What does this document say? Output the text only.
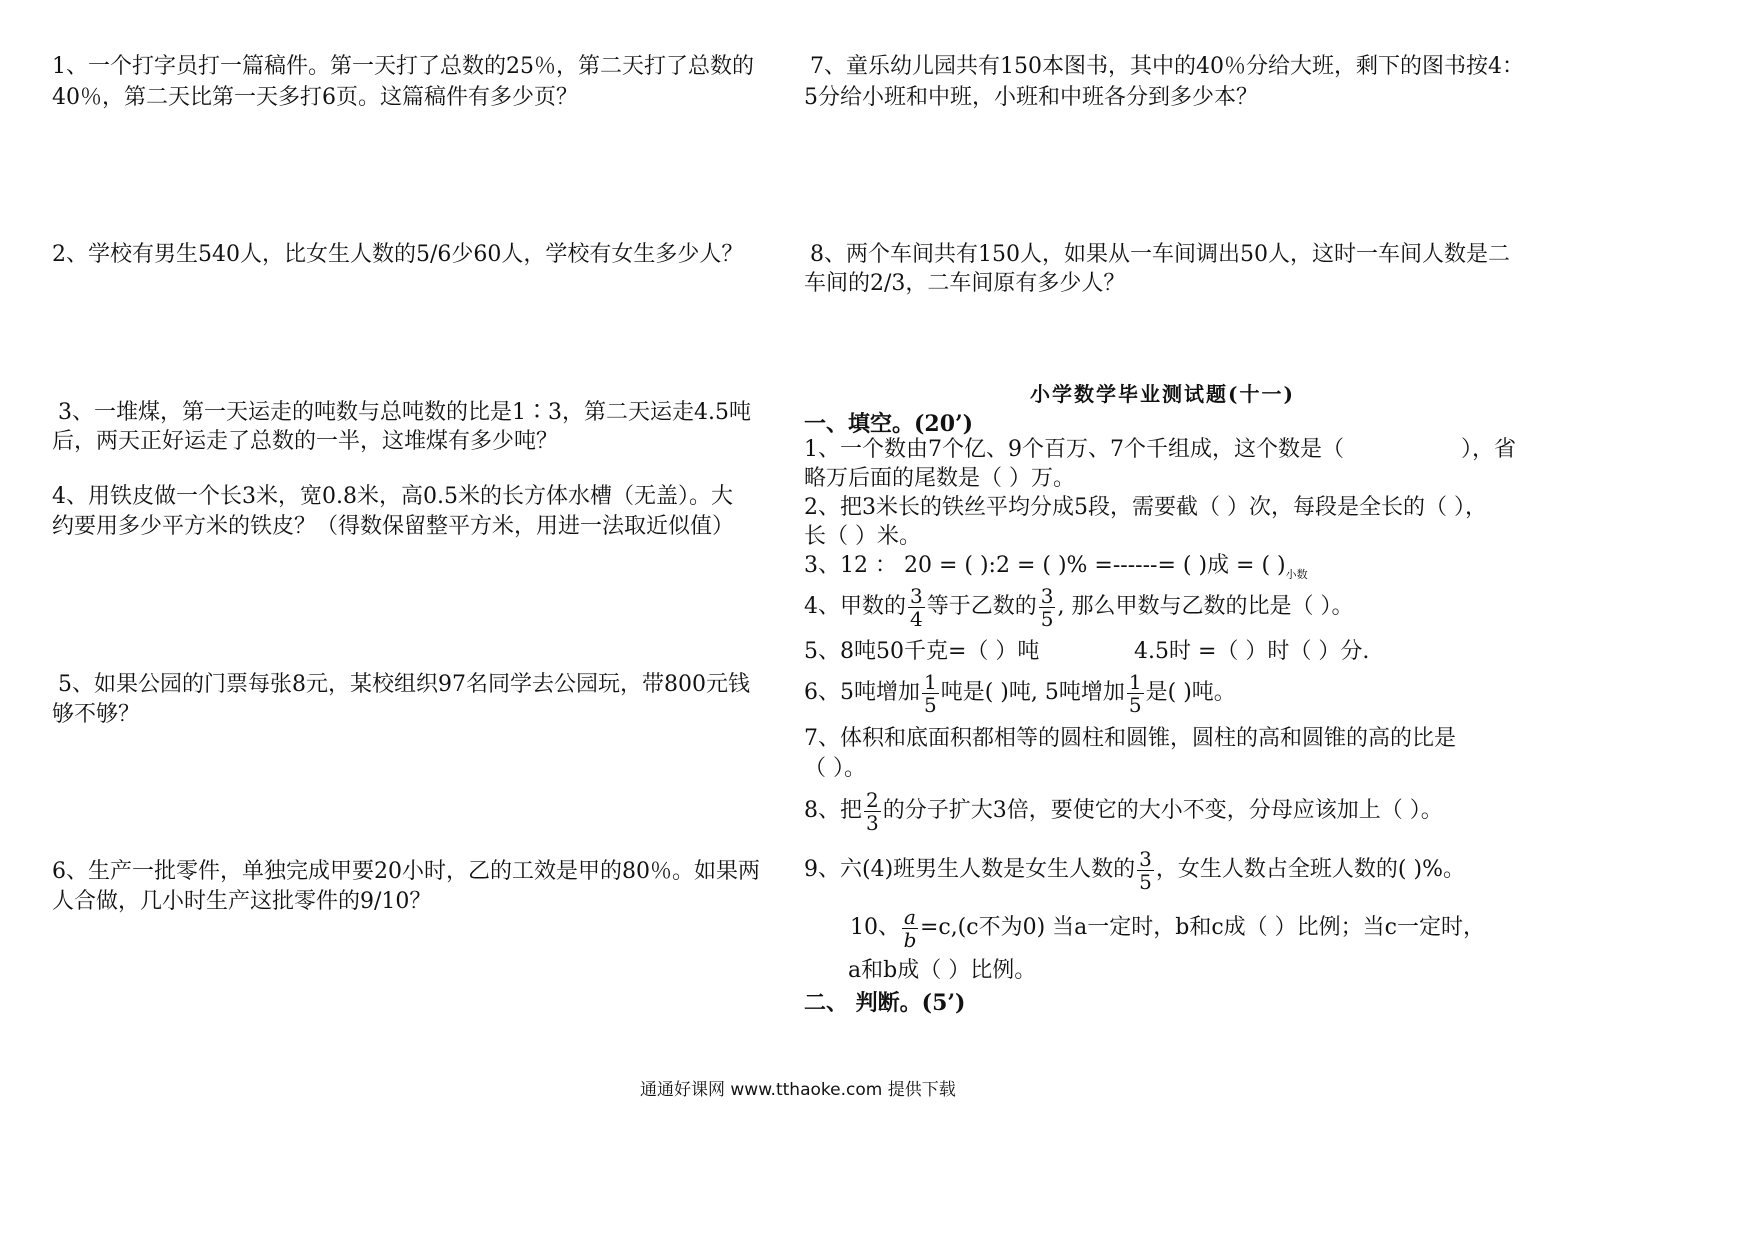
1、一个打字员打一篇稿件。第一天打了总数的25％，第二天打了总数的
40％，第二天比第一天多打6页。这篇稿件有多少页？
2、学校有男生540人，比女生人数的5/6少60人，学校有女生多少人？
3、一堆煤，第一天运走的吨数与总吨数的比是1∶3，第二天运走4.5吨
后，两天正好运走了总数的一半，这堆煤有多少吨？
4、用铁皮做一个长3米，宽0.8米，高0.5米的长方体水槽（无盖）。大
约要用多少平方米的铁皮？（得数保留整平方米，用进一法取近似值）
5、如果公园的门票每张8元，某校组织97名同学去公园玩，带800元钱
够不够？
6、生产一批零件，单独完成甲要20小时，乙的工效是甲的80％。如果两
人合做，几小时生产这批零件的9/10？
7、童乐幼儿园共有150本图书，其中的40％分给大班，剩下的图书按4：
5分给小班和中班，小班和中班各分到多少本？
8、两个车间共有150人，如果从一车间调出50人，这时一车间人数是二
车间的2/3，二车间原有多少人？
小学数学毕业测试题(十一)
一、填空。(20’)
1、一个数由7个亿、9个百万、7个千组成，这个数是（	），省
略万后面的尾数是（ ）万。
2、把3米长的铁丝平均分成5段，需要截（ ）次，每段是全长的（ ），
长（ ）米。
3、12 ： 20 = ( ):2 = ( )% =------= ( )成 = ( )$_{小数}$
4、甲数的 $\frac{3}{4}$ 等于乙数的 $\frac{3}{5}$ , 那么甲数与乙数的比是（ ）。
5、8吨50千克=（ ）吨	4.5时 =（ ）时（ ）分.
6、5吨增加 $\frac{1}{5}$ 吨是( )吨, 5吨增加 $\frac{1}{5}$ 是( )吨。
7、体积和底面积都相等的圆柱和圆锥，圆柱的高和圆锥的高的比是
（ ）。
8、把 $\frac{2}{3}$ 的分子扩大3倍，要使它的大小不变，分母应该加上（ ）。
9、六(4)班男生人数是女生人数的 $\frac{3}{5}$ ，女生人数占全班人数的( )%。
10、 $\frac{a}{b} =c,(c$不为0) 当a一定时，b和c成（ ）比例；当c一定时，
a和b成（ ）比例。
二、 判断。(5’)
通通好课网 www.tthaoke.com 提供下载
